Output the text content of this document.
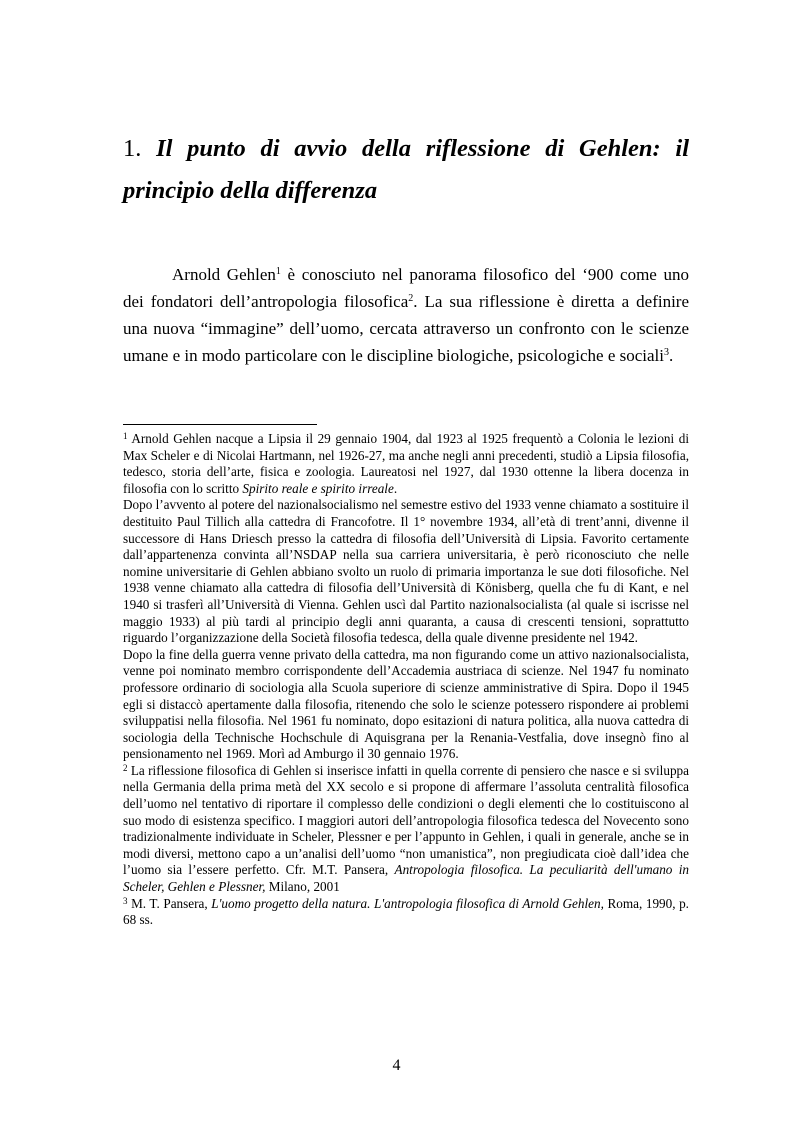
1. Il punto di avvio della riflessione di Gehlen: il principio della differenza

Arnold Gehlen$^1$ è conosciuto nel panorama filosofico del ‘900 come uno dei fondatori dell’antropologia filosofica$^2$. La sua riflessione è diretta a definire una nuova “immagine” dell’uomo, cercata attraverso un confronto con le scienze umane e in modo particolare con le discipline biologiche, psicologiche e sociali$^3$.

$^1$ Arnold Gehlen nacque a Lipsia il 29 gennaio 1904, dal 1923 al 1925 frequentò a Colonia le lezioni di Max Scheler e di Nicolai Hartmann, nel 1926-27, ma anche negli anni precedenti, studiò a Lipsia filosofia, tedesco, storia dell’arte, fisica e zoologia. Laureatosi nel 1927, dal 1930 ottenne la libera docenza in filosofia con lo scritto Spirito reale e spirito irreale.

Dopo l’avvento al potere del nazionalsocialismo nel semestre estivo del 1933 venne chiamato a sostituire il destituito Paul Tillich alla cattedra di Francofotre. Il 1° novembre 1934, all’età di trent’anni, divenne il successore di Hans Driesch presso la cattedra di filosofia dell’Università di Lipsia. Favorito certamente dall’appartenenza convinta all’NSDAP nella sua carriera universitaria, è però riconosciuto che nelle nomine universitarie di Gehlen abbiano svolto un ruolo di primaria importanza le sue doti filosofiche. Nel 1938 venne chiamato alla cattedra di filosofia dell’Università di Könisberg, quella che fu di Kant, e nel 1940 si trasferì all’Università di Vienna. Gehlen uscì dal Partito nazionalsocialista (al quale si iscrisse nel maggio 1933) al più tardi al principio degli anni quaranta, a causa di crescenti tensioni, soprattutto riguardo l’organizzazione della Società filosofia tedesca, della quale divenne presidente nel 1942.

Dopo la fine della guerra venne privato della cattedra, ma non figurando come un attivo nazionalsocialista, venne poi nominato membro corrispondente dell’Accademia austriaca di scienze. Nel 1947 fu nominato professore ordinario di sociologia alla Scuola superiore di scienze amministrative di Spira. Dopo il 1945 egli si distaccò apertamente dalla filosofia, ritenendo che solo le scienze potessero rispondere ai problemi sviluppatisi nella filosofia. Nel 1961 fu nominato, dopo esitazioni di natura politica, alla nuova cattedra di sociologia della Technische Hochschule di Aquisgrana per la Renania-Vestfalia, dove insegnò fino al pensionamento nel 1969. Morì ad Amburgo il 30 gennaio 1976.

$^2$ La riflessione filosofica di Gehlen si inserisce infatti in quella corrente di pensiero che nasce e si sviluppa nella Germania della prima metà del XX secolo e si propone di affermare l’assoluta centralità filosofica dell’uomo nel tentativo di riportare il complesso delle condizioni o degli elementi che lo costituiscono al suo modo di esistenza specifico. I maggiori autori dell’antropologia filosofica tedesca del Novecento sono tradizionalmente individuate in Scheler, Plessner e per l’appunto in Gehlen, i quali in generale, anche se in modi diversi, mettono capo a un’analisi dell’uomo “non umanistica”, non pregiudicata cioè dall’idea che l’uomo sia l’essere perfetto. Cfr. M.T. Pansera, Antropologia filosofica. La peculiarità dell'umano in Scheler, Gehlen e Plessner, Milano, 2001

$^3$ M. T. Pansera, L'uomo progetto della natura. L'antropologia filosofica di Arnold Gehlen, Roma, 1990, p. 68 ss.

4
